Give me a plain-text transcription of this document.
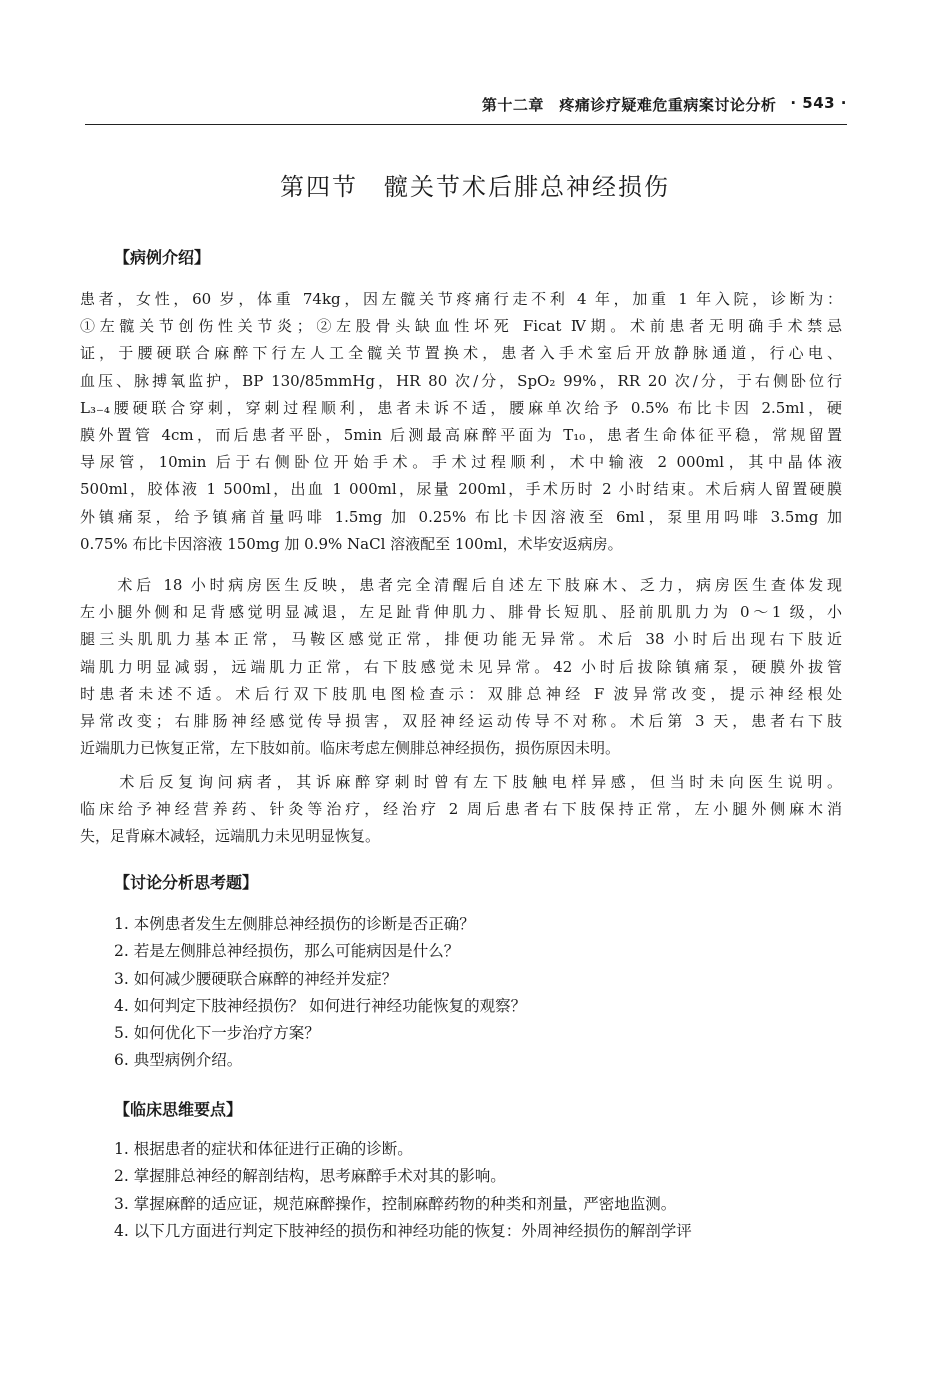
第十二章　疼痛诊疗疑难危重病案讨论分析 · 543 ·
第四节　髋关节术后腓总神经损伤
【病例介绍】
患者，女性，60 岁，体重 74kg，因左髋关节疼痛行走不利 4 年，加重 1 年入院，诊断为：
①左髋关节创伤性关节炎；②左股骨头缺血性坏死 Ficat Ⅳ期。术前患者无明确手术禁忌
证，于腰硬联合麻醉下行左人工全髋关节置换术，患者入手术室后开放静脉通道，行心电、
血压、脉搏氧监护，BP 130/85mmHg，HR 80 次/分，SpO₂ 99%，RR 20 次/分，于右侧卧位行
L₃₋₄腰硬联合穿刺，穿刺过程顺利，患者未诉不适，腰麻单次给予 0.5% 布比卡因 2.5ml，硬
膜外置管 4cm，而后患者平卧，5min 后测最高麻醉平面为 T₁₀，患者生命体征平稳，常规留置
导尿管，10min 后于右侧卧位开始手术。手术过程顺利，术中输液 2 000ml，其中晶体液
500ml，胶体液 1 500ml，出血 1 000ml，尿量 200ml，手术历时 2 小时结束。术后病人留置硬膜
外镇痛泵，给予镇痛首量吗啡 1.5mg 加 0.25% 布比卡因溶液至 6ml，泵里用吗啡 3.5mg 加
0.75% 布比卡因溶液 150mg 加 0.9% NaCl 溶液配至 100ml，术毕安返病房。
　　术后 18 小时病房医生反映，患者完全清醒后自述左下肢麻木、乏力，病房医生查体发现
左小腿外侧和足背感觉明显减退，左足趾背伸肌力、腓骨长短肌、胫前肌肌力为 0～1 级，小
腿三头肌肌力基本正常，马鞍区感觉正常，排便功能无异常。术后 38 小时后出现右下肢近
端肌力明显减弱，远端肌力正常，右下肢感觉未见异常。42 小时后拔除镇痛泵，硬膜外拔管
时患者未述不适。术后行双下肢肌电图检查示：双腓总神经 F 波异常改变，提示神经根处
异常改变；右腓肠神经感觉传导损害，双胫神经运动传导不对称。术后第 3 天，患者右下肢
近端肌力已恢复正常，左下肢如前。临床考虑左侧腓总神经损伤，损伤原因未明。
　　术后反复询问病者，其诉麻醉穿刺时曾有左下肢触电样异感，但当时未向医生说明。
临床给予神经营养药、针灸等治疗，经治疗 2 周后患者右下肢保持正常，左小腿外侧麻木消
失，足背麻木减轻，远端肌力未见明显恢复。
【讨论分析思考题】
1. 本例患者发生左侧腓总神经损伤的诊断是否正确？
2. 若是左侧腓总神经损伤，那么可能病因是什么？
3. 如何减少腰硬联合麻醉的神经并发症？
4. 如何判定下肢神经损伤？ 如何进行神经功能恢复的观察？
5. 如何优化下一步治疗方案？
6. 典型病例介绍。
【临床思维要点】
1. 根据患者的症状和体征进行正确的诊断。
2. 掌握腓总神经的解剖结构，思考麻醉手术对其的影响。
3. 掌握麻醉的适应证，规范麻醉操作，控制麻醉药物的种类和剂量，严密地监测。
4. 以下几方面进行判定下肢神经的损伤和神经功能的恢复：外周神经损伤的解剖学评
